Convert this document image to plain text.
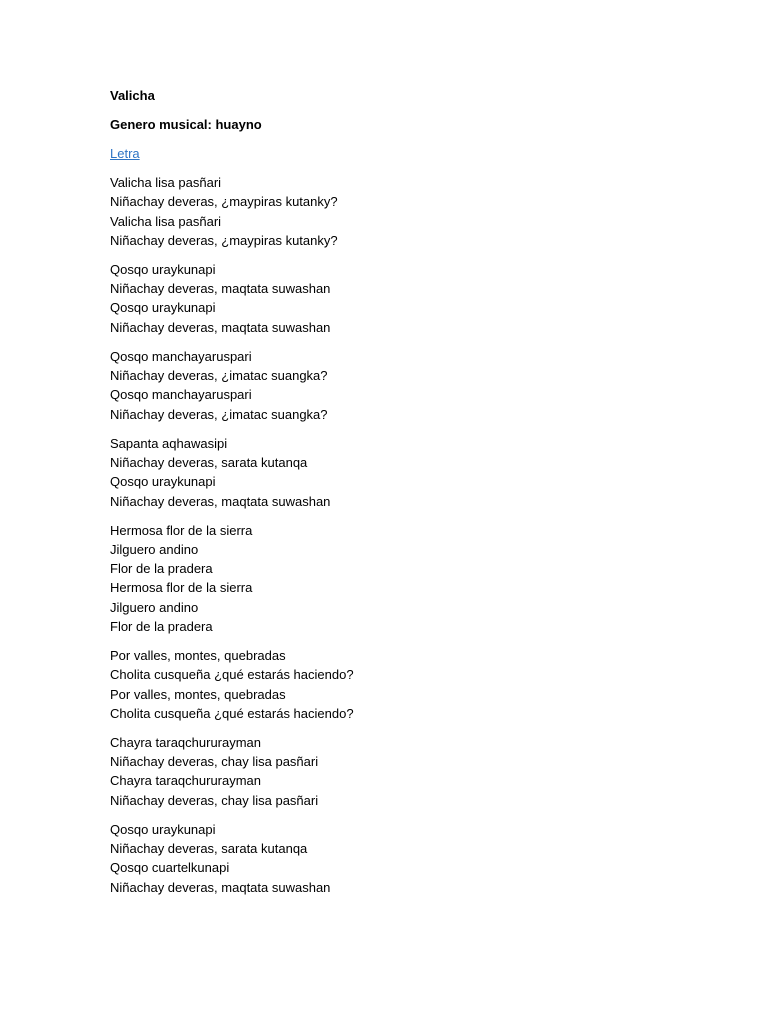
Valicha
Genero musical: huayno
Letra
Valicha lisa pasñari
Niñachay deveras, ¿maypiras kutanky?
Valicha lisa pasñari
Niñachay deveras, ¿maypiras kutanky?
Qosqo uraykunapi
Niñachay deveras, maqtata suwashan
Qosqo uraykunapi
Niñachay deveras, maqtata suwashan
Qosqo manchayaruspari
Niñachay deveras, ¿imatac suangka?
Qosqo manchayaruspari
Niñachay deveras, ¿imatac suangka?
Sapanta aqhawasipi
Niñachay deveras, sarata kutanqa
Qosqo uraykunapi
Niñachay deveras, maqtata suwashan
Hermosa flor de la sierra
Jilguero andino
Flor de la pradera
Hermosa flor de la sierra
Jilguero andino
Flor de la pradera
Por valles, montes, quebradas
Cholita cusqueña ¿qué estarás haciendo?
Por valles, montes, quebradas
Cholita cusqueña ¿qué estarás haciendo?
Chayra taraqchururayman
Niñachay deveras, chay lisa pasñari
Chayra taraqchururayman
Niñachay deveras, chay lisa pasñari
Qosqo uraykunapi
Niñachay deveras, sarata kutanqa
Qosqo cuartelkunapi
Niñachay deveras, maqtata suwashan
